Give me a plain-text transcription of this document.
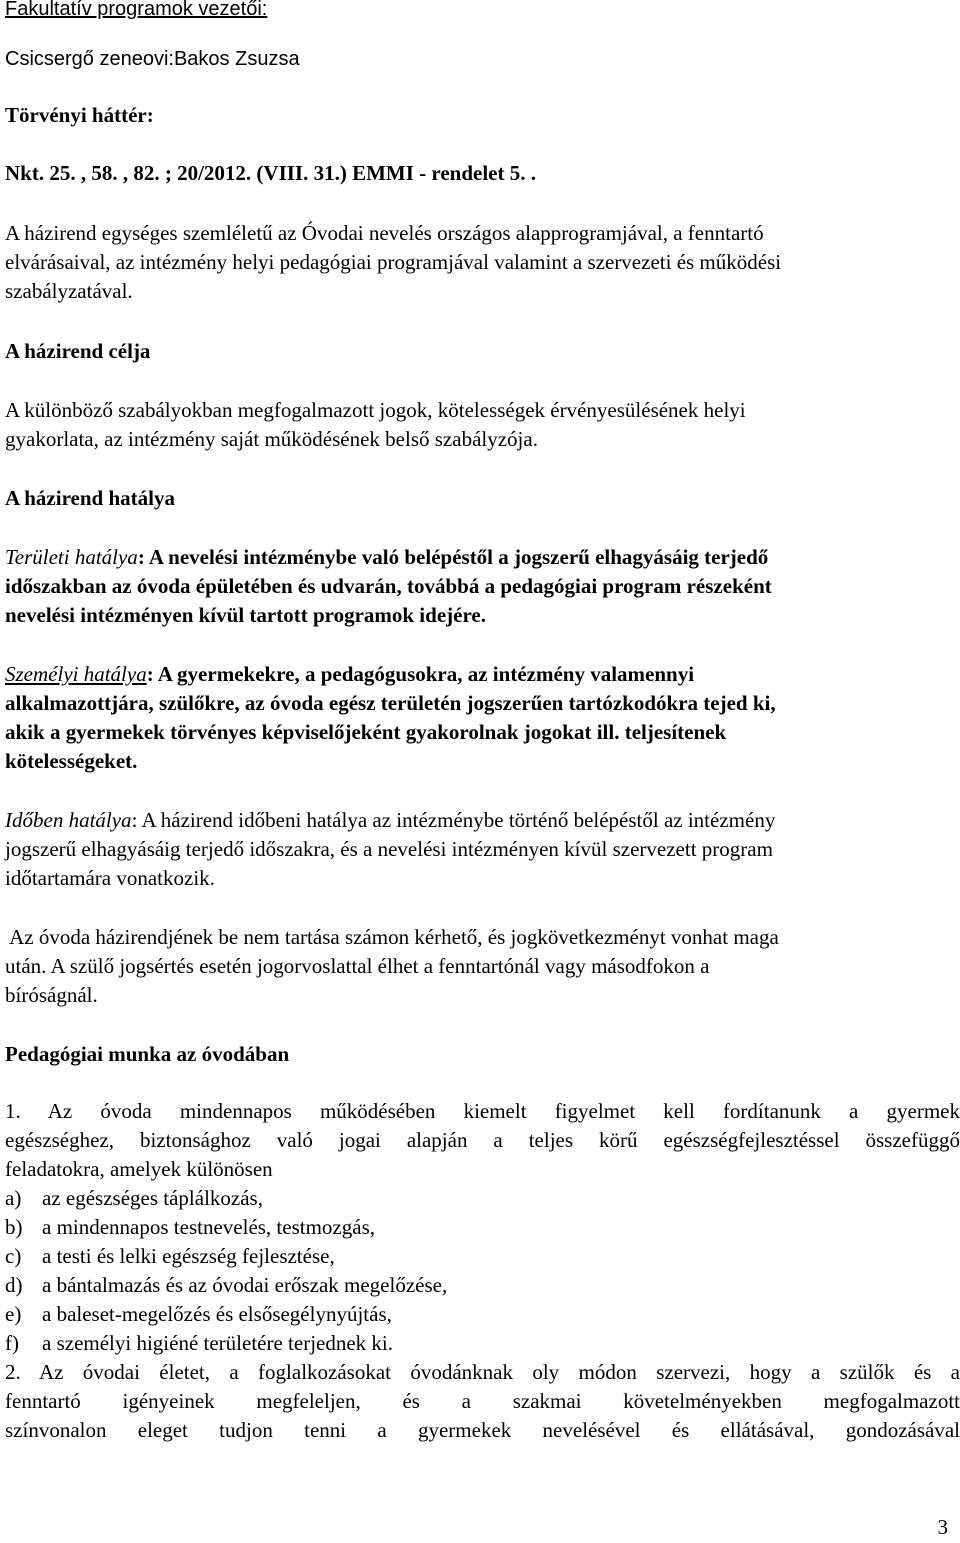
Fakultatív programok vezetői:
Csicsergő zeneovi:Bakos Zsuzsa
Törvényi háttér:
Nkt. 25. , 58. , 82. ; 20/2012. (VIII. 31.) EMMI - rendelet 5. .
A házirend egységes szemléletű az Óvodai nevelés országos alapprogramjával, a fenntartó
elvárásaival, az intézmény helyi pedagógiai programjával valamint a szervezeti és működési
szabályzatával.
A házirend célja
A különböző szabályokban megfogalmazott jogok, kötelességek érvényesülésének helyi
gyakorlata, az intézmény saját működésének belső szabályzója.
A házirend hatálya
Területi hatálya: A nevelési intézménybe való belépéstől a jogszerű elhagyásáig terjedő
időszakban az óvoda épületében és udvarán, továbbá a pedagógiai program részeként
nevelési intézményen kívül tartott programok idejére.
Személyi hatálya: A gyermekekre, a pedagógusokra, az intézmény valamennyi
alkalmazottjára, szülőkre, az óvoda egész területén jogszerűen tartózkodókra tejed ki,
akik a gyermekek törvényes képviselőjeként gyakorolnak jogokat ill. teljesítenek
kötelességeket.
Időben hatálya: A házirend időbeni hatálya az intézménybe történő belépéstől az intézmény
jogszerű elhagyásáig terjedő időszakra, és a nevelési intézményen kívül szervezett program
időtartamára vonatkozik.
Az óvoda házirendjének be nem tartása számon kérhető, és jogkövetkezményt vonhat maga
után. A szülő jogsértés esetén jogorvoslattal élhet a fenntartónál vagy másodfokon a
bíróságnál.
Pedagógiai munka az óvodában
1. Az óvoda mindennapos működésében kiemelt figyelmet kell fordítanunk a gyermek
egészséghez, biztonsághoz való jogai alapján a teljes körű egészségfejlesztéssel összefüggő
feladatokra, amelyek különösen
a) az egészséges táplálkozás,
b) a mindennapos testnevelés, testmozgás,
c) a testi és lelki egészség fejlesztése,
d) a bántalmazás és az óvodai erőszak megelőzése,
e) a baleset-megelőzés és elsősegélynyújtás,
f) a személyi higiéné területére terjednek ki.
2. Az óvodai életet, a foglalkozásokat óvodánknak oly módon szervezi, hogy a szülők és a
fenntartó igényeinek megfeleljen, és a szakmai követelményekben megfogalmazott
színvonalon eleget tudjon tenni a gyermekek nevelésével és ellátásával, gondozásával
3
